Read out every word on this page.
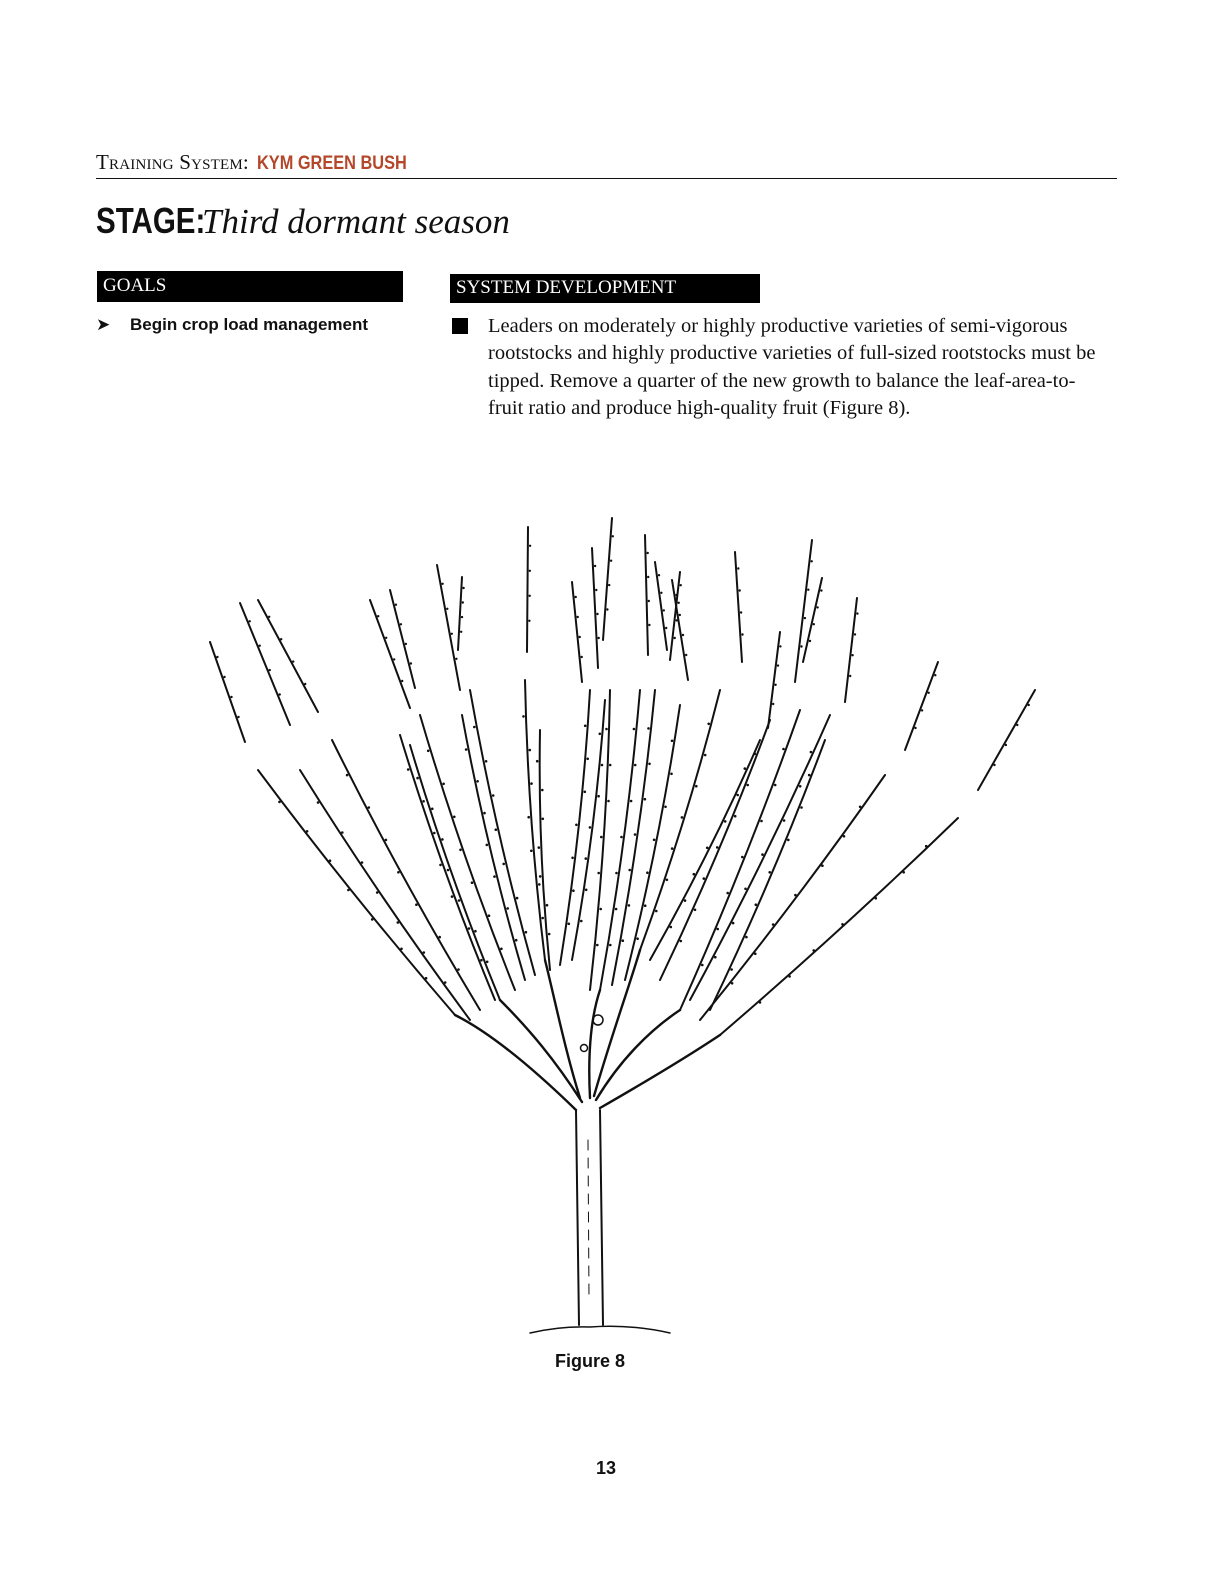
Training System: KYM GREEN BUSH
STAGE: Third dormant season
GOALS	SYSTEM DEVELOPMENT
➤ Begin crop load management	Leaders on moderately or highly productive varieties of semi-vigorous rootstocks and highly productive varieties of full-sized rootstocks must be tipped. Remove a quarter of the new growth to balance the leaf-area-to-fruit ratio and produce high-quality fruit (Figure 8).
Figure 8
13
